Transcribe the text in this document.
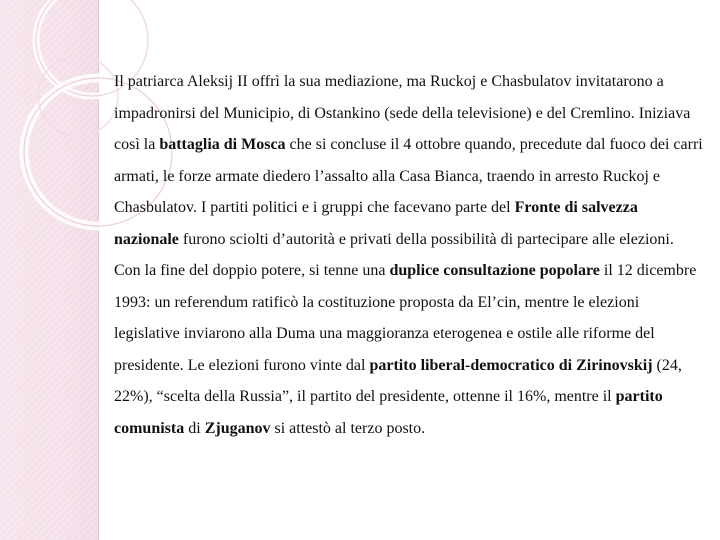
Il patriarca Aleksij II offrì la sua mediazione, ma Ruckoj e Chasbulatov invitatarono a impadronirsi del Municipio, di Ostankino (sede della televisione) e del Cremlino. Iniziava così la battaglia di Mosca che si concluse il 4 ottobre quando, precedute dal fuoco dei carri armati, le forze armate diedero l’assalto alla Casa Bianca, traendo in arresto Ruckoj e Chasbulatov. I partiti politici e i gruppi che facevano parte del Fronte di salvezza nazionale furono sciolti d’autorità e privati della possibilità di partecipare alle elezioni. Con la fine del doppio potere, si tenne una duplice consultazione popolare il 12 dicembre 1993: un referendum ratificò la costituzione proposta da El’cin, mentre le elezioni legislative inviarono alla Duma una maggioranza eterogenea e ostile alle riforme del presidente. Le elezioni furono vinte dal partito liberal-democratico di Zirinovskij (24, 22%), “scelta della Russia”, il partito del presidente, ottenne il 16%, mentre il partito comunista di Zjuganov si attestò al terzo posto.
